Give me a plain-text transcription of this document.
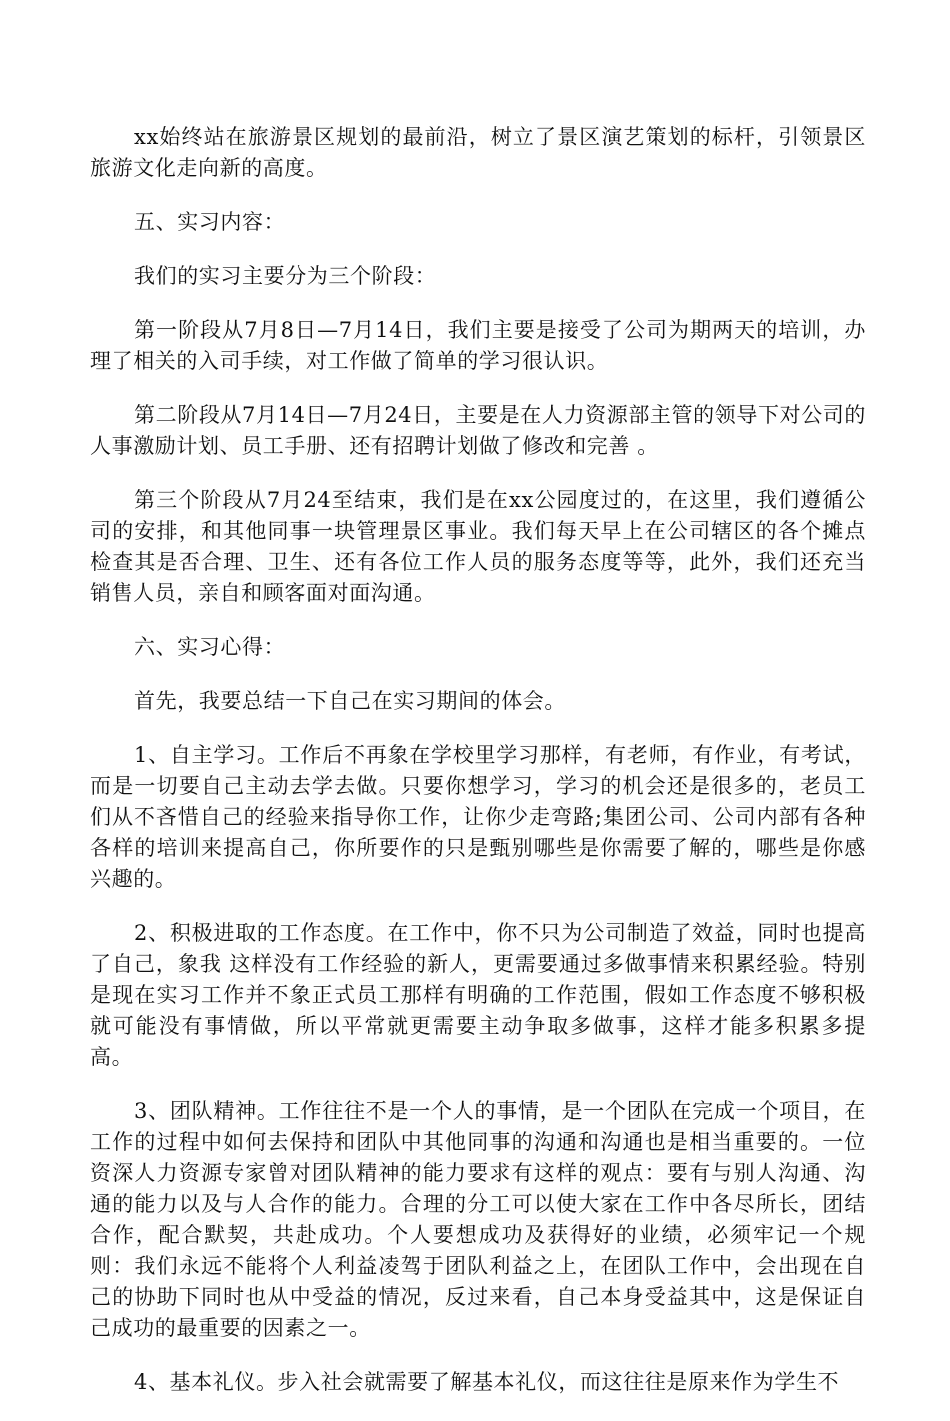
xx始终站在旅游景区规划的最前沿，树立了景区演艺策划的标杆，引领景区旅游文化走向新的高度。

五、实习内容：

我们的实习主要分为三个阶段：

第一阶段从7月8日—7月14日，我们主要是接受了公司为期两天的培训，办理了相关的入司手续，对工作做了简单的学习很认识。

第二阶段从7月14日—7月24日，主要是在人力资源部主管的领导下对公司的人事激励计划、员工手册、还有招聘计划做了修改和完善 。

第三个阶段从7月24至结束，我们是在xx公园度过的，在这里，我们遵循公司的安排，和其他同事一块管理景区事业。我们每天早上在公司辖区的各个摊点检查其是否合理、卫生、还有各位工作人员的服务态度等等，此外，我们还充当销售人员，亲自和顾客面对面沟通。

六、实习心得：

首先，我要总结一下自己在实习期间的体会。

1、自主学习。工作后不再象在学校里学习那样，有老师，有作业，有考试，而是一切要自己主动去学去做。只要你想学习，学习的机会还是很多的，老员工们从不吝惜自己的经验来指导你工作，让你少走弯路;集团公司、公司内部有各种各样的培训来提高自己，你所要作的只是甄别哪些是你需要了解的，哪些是你感兴趣的。

2、积极进取的工作态度。在工作中，你不只为公司制造了效益，同时也提高了自己，象我 这样没有工作经验的新人，更需要通过多做事情来积累经验。特别是现在实习工作并不象正式员工那样有明确的工作范围，假如工作态度不够积极就可能没有事情做，所以平常就更需要主动争取多做事，这样才能多积累多提高。

3、团队精神。工作往往不是一个人的事情，是一个团队在完成一个项目，在工作的过程中如何去保持和团队中其他同事的沟通和沟通也是相当重要的。一位资深人力资源专家曾对团队精神的能力要求有这样的观点：要有与别人沟通、沟通的能力以及与人合作的能力。合理的分工可以使大家在工作中各尽所长，团结合作，配合默契，共赴成功。个人要想成功及获得好的业绩，必须牢记一个规则：我们永远不能将个人利益凌驾于团队利益之上，在团队工作中，会出现在自己的协助下同时也从中受益的情况，反过来看，自己本身受益其中，这是保证自己成功的最重要的因素之一。

4、基本礼仪。步入社会就需要了解基本礼仪，而这往往是原来作为学生不
